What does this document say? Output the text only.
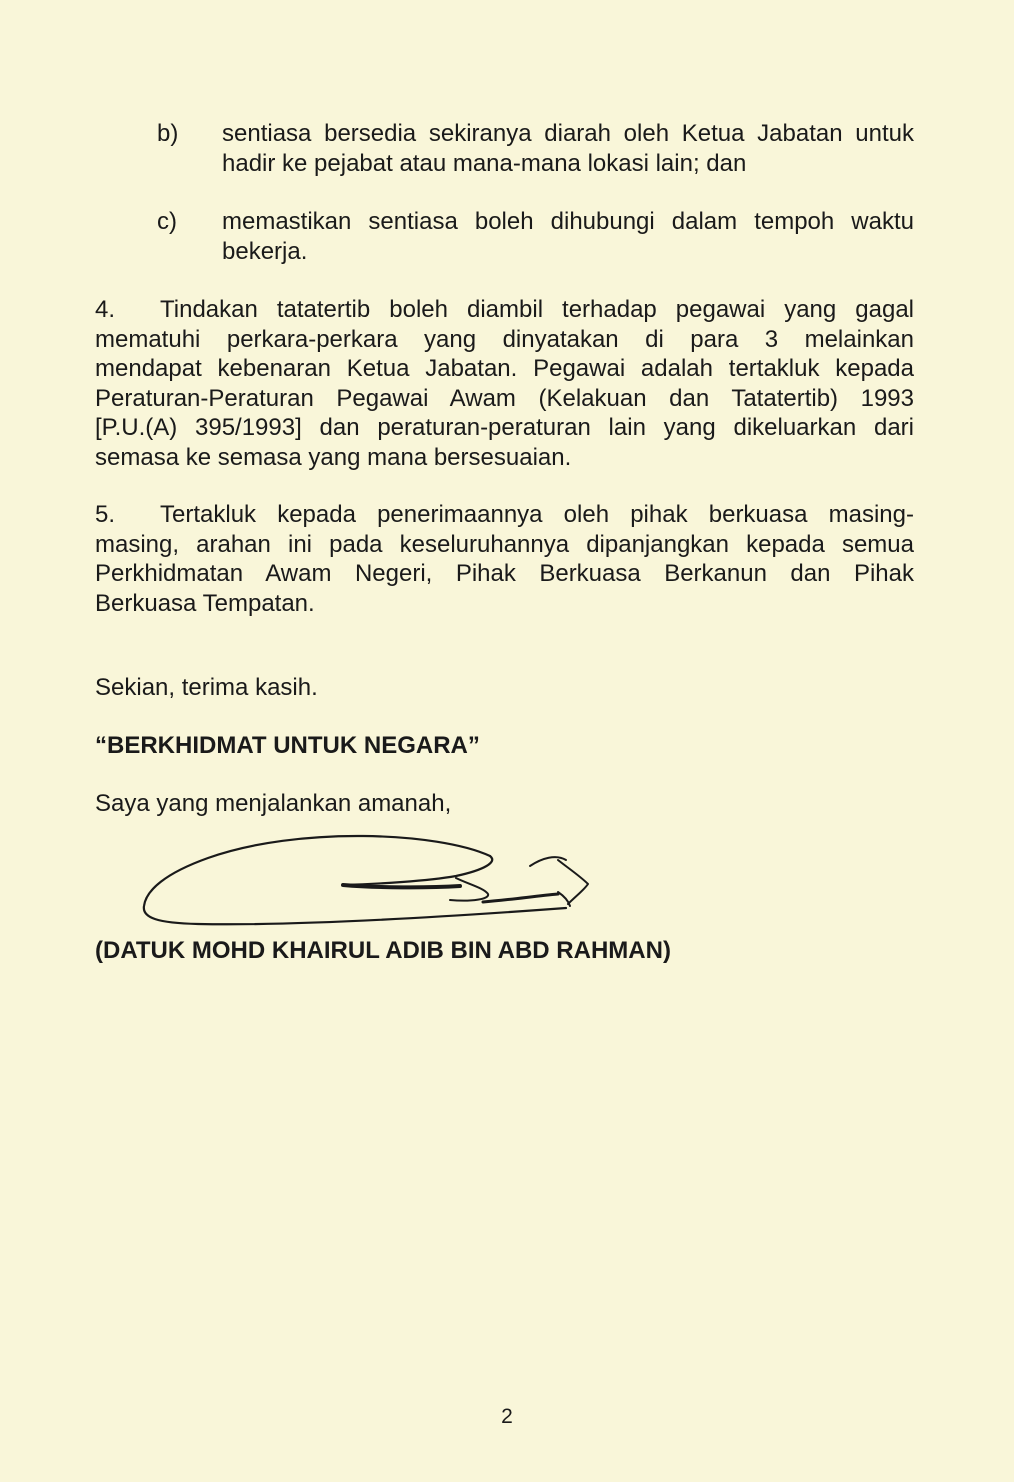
b)	sentiasa bersedia sekiranya diarah oleh Ketua Jabatan untuk
hadir ke pejabat atau mana-mana lokasi lain; dan
c)	memastikan sentiasa boleh dihubungi dalam tempoh waktu
bekerja.
4. Tindakan tatatertib boleh diambil terhadap pegawai yang gagal
mematuhi perkara-perkara yang dinyatakan di para 3 melainkan
mendapat kebenaran Ketua Jabatan. Pegawai adalah tertakluk kepada
Peraturan-Peraturan Pegawai Awam (Kelakuan dan Tatatertib) 1993
[P.U.(A) 395/1993] dan peraturan-peraturan lain yang dikeluarkan dari
semasa ke semasa yang mana bersesuaian.
5. Tertakluk kepada penerimaannya oleh pihak berkuasa masing-
masing, arahan ini pada keseluruhannya dipanjangkan kepada semua
Perkhidmatan Awam Negeri, Pihak Berkuasa Berkanun dan Pihak
Berkuasa Tempatan.
Sekian, terima kasih.
“BERKHIDMAT UNTUK NEGARA”
Saya yang menjalankan amanah,
(DATUK MOHD KHAIRUL ADIB BIN ABD RAHMAN)
2
